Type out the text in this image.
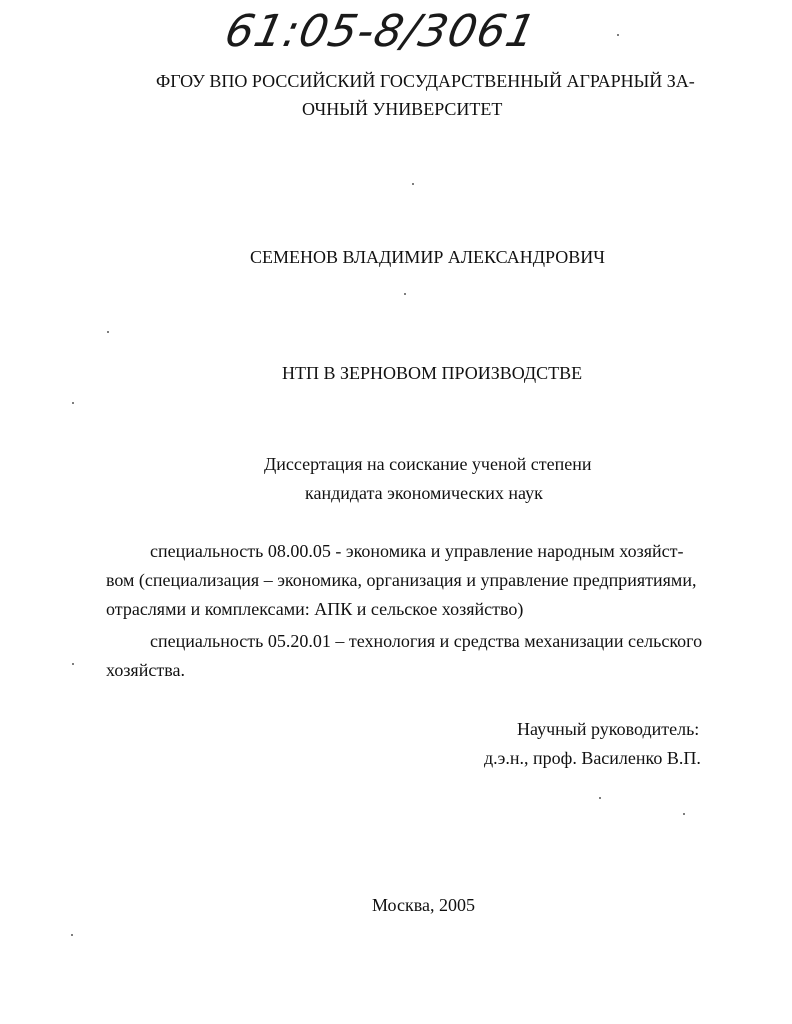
61:05-8/3061
ФГОУ ВПО РОССИЙСКИЙ ГОСУДАРСТВЕННЫЙ АГРАРНЫЙ ЗА-
ОЧНЫЙ УНИВЕРСИТЕТ
СЕМЕНОВ ВЛАДИМИР АЛЕКСАНДРОВИЧ
НТП В ЗЕРНОВОМ ПРОИЗВОДСТВЕ
Диссертация на соискание ученой степени
кандидата экономических наук
специальность 08.00.05 - экономика и управление народным хозяйст-
вом (специализация – экономика, организация и управление предприятиями,
отраслями и комплексами: АПК и сельское хозяйство)
специальность 05.20.01 – технология и средства механизации сельского
хозяйства.
Научный руководитель:
д.э.н., проф. Василенко В.П.
Москва, 2005
